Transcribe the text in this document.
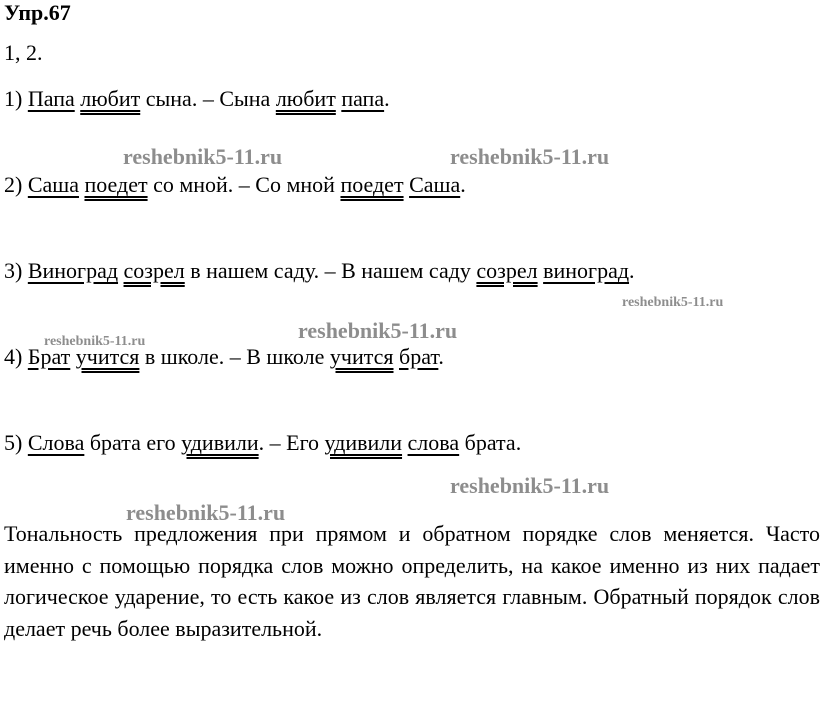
Упр.67
1, 2.
1) Папа любит сына. – Сына любит папа.
2) Саша поедет со мной. – Со мной поедет Саша.
3) Виноград созрел в нашем саду. – В нашем саду созрел виноград.
4) Брат учится в школе. – В школе учится брат.
5) Слова брата его удивили. – Его удивили слова брата.
Тональность предложения при прямом и обратном порядке слов меняется. Часто именно с помощью порядка слов можно определить, на какое именно из них падает логическое ударение, то есть какое из слов является главным. Обратный порядок слов делает речь более выразительной.
reshebnik5-11.ru	reshebnik5-11.ru
reshebnik5-11.ru
reshebnik5-11.ru	reshebnik5-11.ru
reshebnik5-11.ru
reshebnik5-11.ru
